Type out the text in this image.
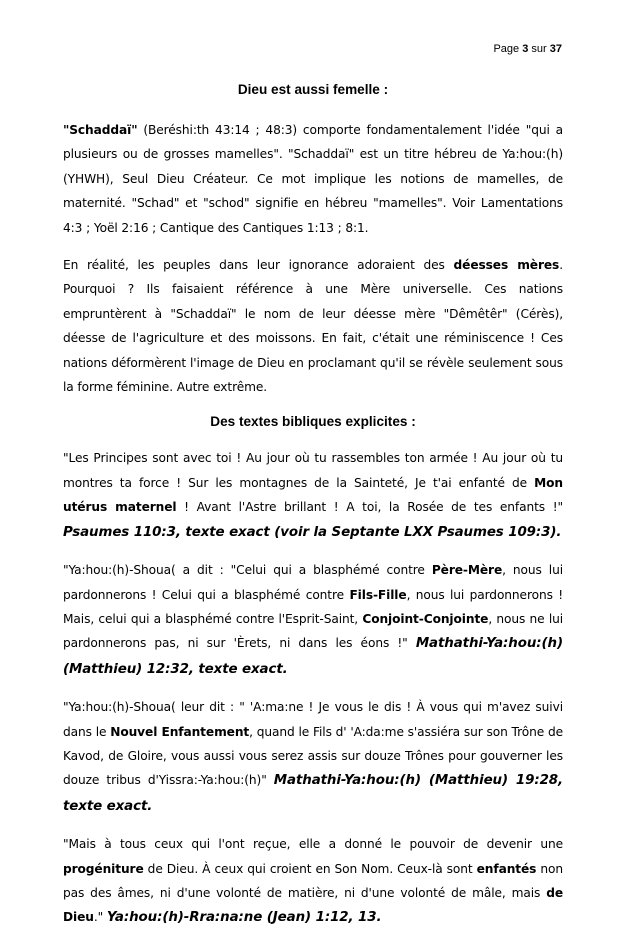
Page 3 sur 37
Dieu est aussi femelle :

"Schaddaï" (Beréshi:th 43:14 ; 48:3) comporte fondamentalement l'idée "qui a plusieurs ou de grosses mamelles". "Schaddaï" est un titre hébreu de Ya:hou:(h) (YHWH), Seul Dieu Créateur. Ce mot implique les notions de mamelles, de maternité. "Schad" et "schod" signifie en hébreu "mamelles". Voir Lamentations 4:3 ; Yoël 2:16 ; Cantique des Cantiques 1:13 ; 8:1.

En réalité, les peuples dans leur ignorance adoraient des déesses mères. Pourquoi ? Ils faisaient référence à une Mère universelle. Ces nations empruntèrent à "Schaddaï" le nom de leur déesse mère "Dêmêtêr" (Cérès), déesse de l'agriculture et des moissons. En fait, c'était une réminiscence ! Ces nations déformèrent l'image de Dieu en proclamant qu'il se révèle seulement sous la forme féminine. Autre extrême.

Des textes bibliques explicites :

"Les Principes sont avec toi ! Au jour où tu rassembles ton armée ! Au jour où tu montres ta force ! Sur les montagnes de la Sainteté, Je t'ai enfanté de Mon utérus maternel ! Avant l'Astre brillant ! A toi, la Rosée de tes enfants !" Psaumes 110:3, texte exact (voir la Septante LXX Psaumes 109:3).

"Ya:hou:(h)-Shoua( a dit : "Celui qui a blasphémé contre Père-Mère, nous lui pardonnerons ! Celui qui a blasphémé contre Fils-Fille, nous lui pardonnerons ! Mais, celui qui a blasphémé contre l'Esprit-Saint, Conjoint-Conjointe, nous ne lui pardonnerons pas, ni sur 'Èrets, ni dans les éons !" Mathathi-Ya:hou:(h) (Matthieu) 12:32, texte exact.

"Ya:hou:(h)-Shoua( leur dit : " 'A:ma:ne ! Je vous le dis ! À vous qui m'avez suivi dans le Nouvel Enfantement, quand le Fils d' 'A:da:me s'assiéra sur son Trône de Kavod, de Gloire, vous aussi vous serez assis sur douze Trônes pour gouverner les douze tribus d'Yissra:-Ya:hou:(h)" Mathathi-Ya:hou:(h) (Matthieu) 19:28, texte exact.

"Mais à tous ceux qui l'ont reçue, elle a donné le pouvoir de devenir une progéniture de Dieu. À ceux qui croient en Son Nom. Ceux-là sont enfantés non pas des âmes, ni d'une volonté de matière, ni d'une volonté de mâle, mais de Dieu." Ya:hou:(h)-Rra:na:ne (Jean) 1:12, 13.
